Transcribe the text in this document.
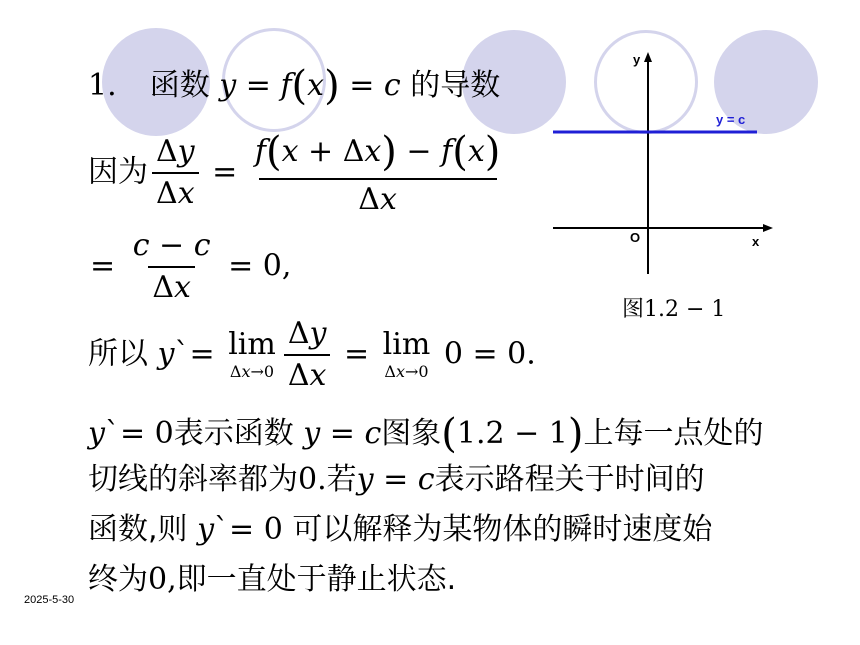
1. 函数 y = f(x) = c 的导数
因为 $\frac{\Delta y}{\Delta x} = \frac{f(x + \Delta x) - f(x)}{\Delta x}$
= $\frac{c - c}{\Delta x} = 0$,
所以 y`= lim
$\Delta x\to 0 \frac{\Delta y}{\Delta x} = \lim$
Δx→0 0 = 0.
y`= 0表示函数 y = c图象(1.2 − 1)上每一点处的
切线的斜率都为0.若y = c表示路程关于时间的
函数,则 y`= 0 可以解释为某物体的瞬时速度始
终为0,即一直处于静止状态.
2025-5-30
y
x
O
y = c
图1.2 − 1
